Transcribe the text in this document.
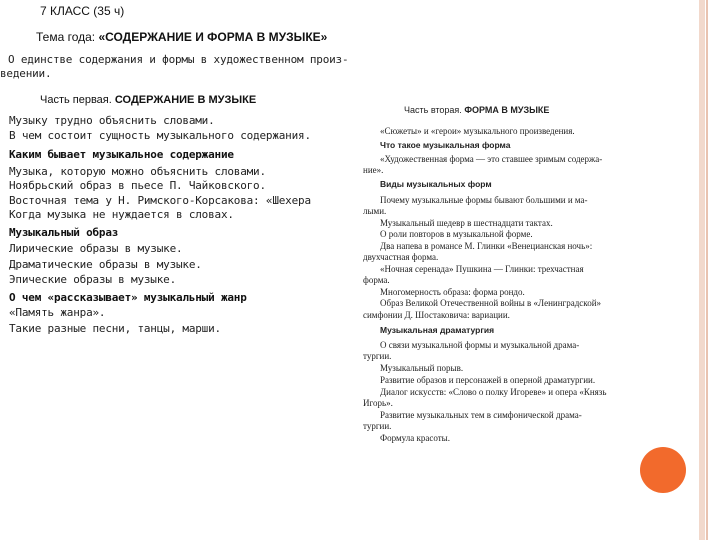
7 КЛАСС (35 ч)
Тема года: «СОДЕРЖАНИЕ И ФОРМА В МУЗЫКЕ»
О единстве содержания и формы в художественном произ-
ведении.
Часть первая. СОДЕРЖАНИЕ В МУЗЫКЕ
Музыку трудно объяснить словами.
В чем состоит сущность музыкального содержания.
Каким бывает музыкальное содержание
Музыка, которую можно объяснить словами.
Ноябрьский образ в пьесе П. Чайковского.
Восточная тема у Н. Римского-Корсакова: «Шехера
Когда музыка не нуждается в словах.
Музыкальный образ
Лирические образы в музыке.
Драматические образы в музыке.
Эпические образы в музыке.
О чем «рассказывает» музыкальный жанр
«Память жанра».
Такие разные песни, танцы, марши.
Часть вторая. ФОРМА В МУЗЫКЕ
«Сюжеты» и «герои» музыкального произведения.
Что такое музыкальная форма
«Художественная форма — это ставшее зримым содержа-
ние».
Виды музыкальных форм
Почему музыкальные формы бывают большими и ма-
лыми.
Музыкальный шедевр в шестнадцати тактах.
О роли повторов в музыкальной форме.
Два напева в романсе М. Глинки «Венецианская ночь»:
двухчастная форма.
«Ночная серенада» Пушкина — Глинки: трехчастная
форма.
Многомерность образа: форма рондо.
Образ Великой Отечественной войны в «Ленинградской»
симфонии Д. Шостаковича: вариации.
Музыкальная драматургия
О связи музыкальной формы и музыкальной драма-
тургии.
Музыкальный порыв.
Развитие образов и персонажей в оперной драматургии.
Диалог искусств: «Слово о полку Игореве» и опера «Князь
Игорь».
Развитие музыкальных тем в симфонической драма-
тургии.
Формула красоты.
